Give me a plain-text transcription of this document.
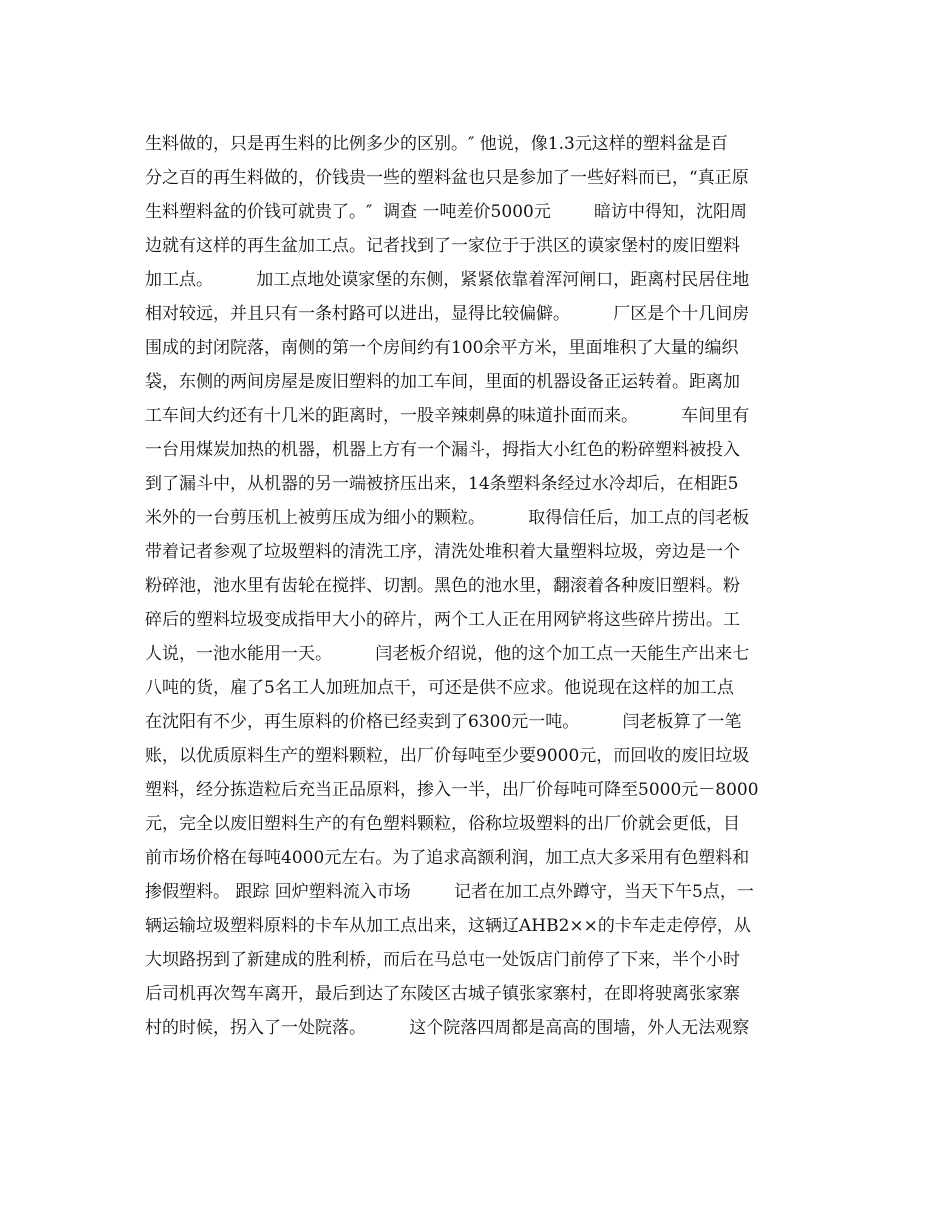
生料做的，只是再生料的比例多少的区别。″ 他说，像1.3元这样的塑料盆是百
分之百的再生料做的，价钱贵一些的塑料盆也只是参加了一些好料而已，“真正原
生料塑料盆的价钱可就贵了。″  调查 一吨差价5000元        暗访中得知，沈阳周
边就有这样的再生盆加工点。记者找到了一家位于于洪区的谟家堡村的废旧塑料
加工点。        加工点地处谟家堡的东侧，紧紧依靠着浑河闸口，距离村民居住地
相对较远，并且只有一条村路可以进出，显得比较偏僻。        厂区是个十几间房
围成的封闭院落，南侧的第一个房间约有100余平方米，里面堆积了大量的编织
袋，东侧的两间房屋是废旧塑料的加工车间，里面的机器设备正运转着。距离加
工车间大约还有十几米的距离时，一股辛辣刺鼻的味道扑面而来。        车间里有
一台用煤炭加热的机器，机器上方有一个漏斗，拇指大小红色的粉碎塑料被投入
到了漏斗中，从机器的另一端被挤压出来，14条塑料条经过水冷却后，在相距5
米外的一台剪压机上被剪压成为细小的颗粒。        取得信任后，加工点的闫老板
带着记者参观了垃圾塑料的清洗工序，清洗处堆积着大量塑料垃圾，旁边是一个
粉碎池，池水里有齿轮在搅拌、切割。黑色的池水里，翻滚着各种废旧塑料。粉
碎后的塑料垃圾变成指甲大小的碎片，两个工人正在用网铲将这些碎片捞出。工
人说，一池水能用一天。        闫老板介绍说，他的这个加工点一天能生产出来七
八吨的货，雇了5名工人加班加点干，可还是供不应求。他说现在这样的加工点
在沈阳有不少，再生原料的价格已经卖到了6300元一吨。        闫老板算了一笔
账，以优质原料生产的塑料颗粒，出厂价每吨至少要9000元，而回收的废旧垃圾
塑料，经分拣造粒后充当正品原料，掺入一半，出厂价每吨可降至5000元－8000
元，完全以废旧塑料生产的有色塑料颗粒，俗称垃圾塑料的出厂价就会更低，目
前市场价格在每吨4000元左右。为了追求高额利润，加工点大多采用有色塑料和
掺假塑料。 跟踪 回炉塑料流入市场        记者在加工点外蹲守，当天下午5点，一
辆运输垃圾塑料原料的卡车从加工点出来，这辆辽AHB2××的卡车走走停停，从
大坝路拐到了新建成的胜利桥，而后在马总屯一处饭店门前停了下来，半个小时
后司机再次驾车离开，最后到达了东陵区古城子镇张家寨村，在即将驶离张家寨
村的时候，拐入了一处院落。        这个院落四周都是高高的围墙，外人无法观察
